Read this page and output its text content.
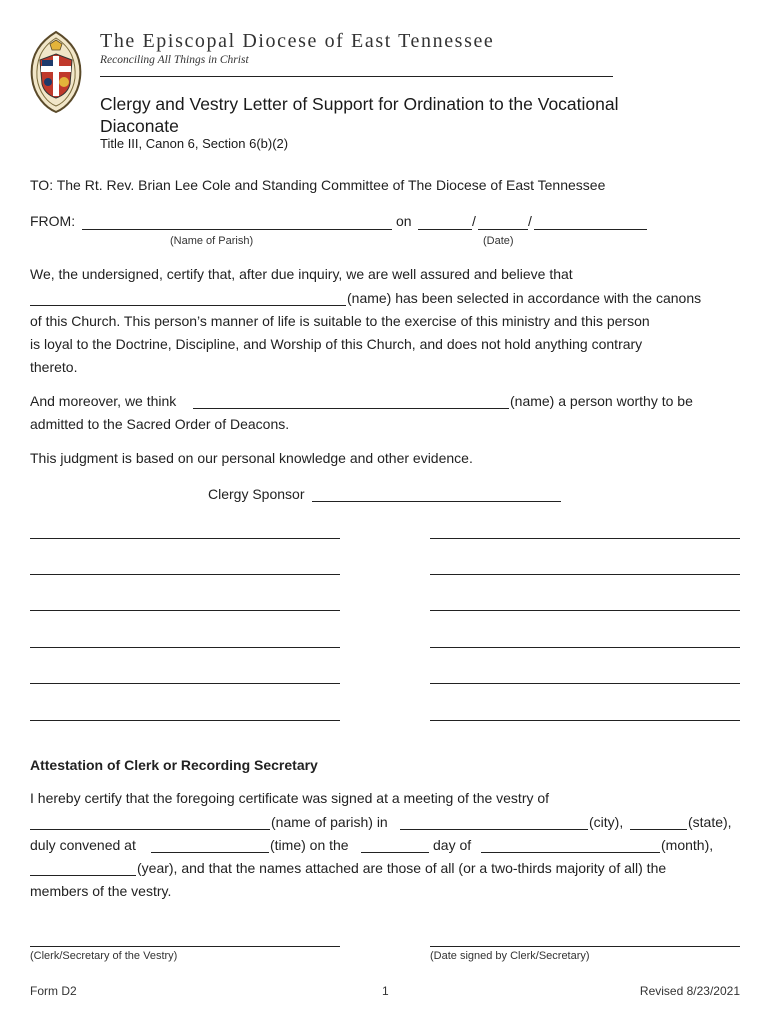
The Episcopal Diocese of East Tennessee
Reconciling All Things in Christ
Clergy and Vestry Letter of Support for Ordination to the Vocational Diaconate
Title III, Canon 6, Section 6(b)(2)
TO: The Rt. Rev. Brian Lee Cole and Standing Committee of The Diocese of East Tennessee
FROM:	on	/	/
(Name of Parish)	(Date)
We, the undersigned, certify that, after due inquiry, we are well assured and believe that
(name) has been selected in accordance with the canons
of this Church. This person’s manner of life is suitable to the exercise of this ministry and this person
is loyal to the Doctrine, Discipline, and Worship of this Church, and does not hold anything contrary
thereto.
And moreover, we think	(name) a person worthy to be
admitted to the Sacred Order of Deacons.
This judgment is based on our personal knowledge and other evidence.
Clergy Sponsor
Attestation of Clerk or Recording Secretary
I hereby certify that the foregoing certificate was signed at a meeting of the vestry of
(name of parish) in	(city),	(state),
duly convened at	(time) on the	day of	(month),
(year), and that the names attached are those of all (or a two-thirds majority of all) the
members of the vestry.
(Clerk/Secretary of the Vestry)	(Date signed by Clerk/Secretary)
Form D2	1	Revised 8/23/2021
